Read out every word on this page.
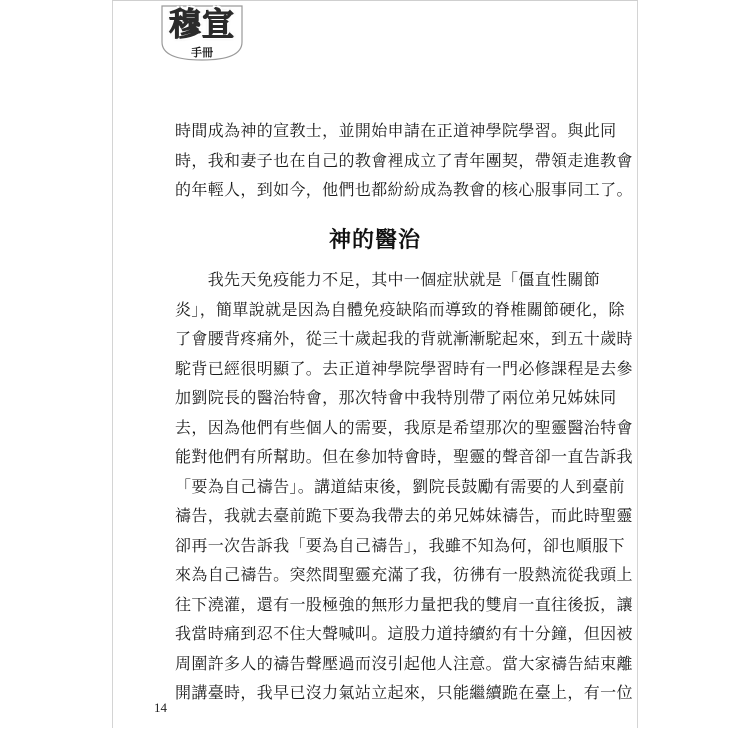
穆宣
手冊
時間成為神的宣教士，並開始申請在正道神學院學習。與此同
時，我和妻子也在自己的教會裡成立了青年團契，帶領走進教會
的年輕人，到如今，他們也都紛紛成為教會的核心服事同工了。
神的醫治
　　我先天免疫能力不足，其中一個症狀就是「僵直性關節
炎」，簡單說就是因為自體免疫缺陷而導致的脊椎關節硬化，除
了會腰背疼痛外，從三十歲起我的背就漸漸駝起來，到五十歲時
駝背已經很明顯了。去正道神學院學習時有一門必修課程是去參
加劉院長的醫治特會，那次特會中我特別帶了兩位弟兄姊妹同
去，因為他們有些個人的需要，我原是希望那次的聖靈醫治特會
能對他們有所幫助。但在參加特會時，聖靈的聲音卻一直告訴我
「要為自己禱告」。講道結束後，劉院長鼓勵有需要的人到臺前
禱告，我就去臺前跪下要為我帶去的弟兄姊妹禱告，而此時聖靈
卻再一次告訴我「要為自己禱告」，我雖不知為何，卻也順服下
來為自己禱告。突然間聖靈充滿了我，彷彿有一股熱流從我頭上
往下澆灌，還有一股極強的無形力量把我的雙肩一直往後扳，讓
我當時痛到忍不住大聲喊叫。這股力道持續約有十分鐘，但因被
周圍許多人的禱告聲壓過而沒引起他人注意。當大家禱告結束離
開講臺時，我早已沒力氣站立起來，只能繼續跪在臺上，有一位
14
